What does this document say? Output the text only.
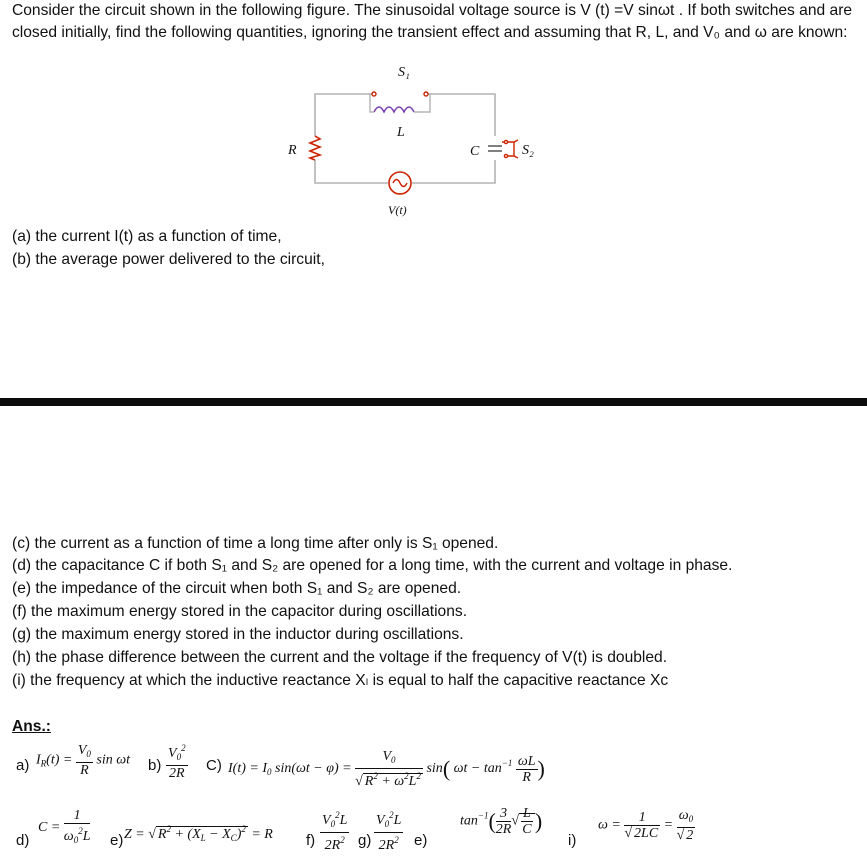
Consider the circuit shown in the following figure. The sinusoidal voltage source is V (t) =V sinωt . If both switches and are closed initially, find the following quantities, ignoring the transient effect and assuming that R, L, and V₀ and ω are known:
S₁
L
R	C	S₂
V(t)
(a) the current I(t) as a function of time,
(b) the average power delivered to the circuit,
(c) the current as a function of time a long time after only is S₁ opened.
(d) the capacitance C if both S₁ and S₂ are opened for a long time, with the current and voltage in phase.
(e) the impedance of the circuit when both S₁ and S₂ are opened.
(f) the maximum energy stored in the capacitor during oscillations.
(g) the maximum energy stored in the inductor during oscillations.
(h) the phase difference between the current and the voltage if the frequency of V(t) is doubled.
(i) the frequency at which the inductive reactance Xₗ is equal to half the capacitive reactance Xc
Ans.:
a) $I_R(t) = \frac{V_0}{R}$ sin ωt $b) \frac{V_0^2}{2R} C$) $I(t) = I_0$ $\sin(\omega t - \varphi) = \frac{V_0}{√ R^2 + \omega^2L^2} \sin$( $\omega t - \tan^{-1} \frac{\omega L}{R}$ )
d)
$C = \frac{1}{\omega_0^2L} e$) Z = √ $R^2 + (X_L - X_C)^2 = R$ $f) \frac{V_0^2L}{2R^2} g) \frac{V_0^2L}{2R^2} e$)
$\tan^{-1}( \frac{3}{2R}$ √ $\frac{L}{C}$ )
i)
$\omega = \frac{1}{√ 2LC} = \frac{\omega_0}{√ 2}$
